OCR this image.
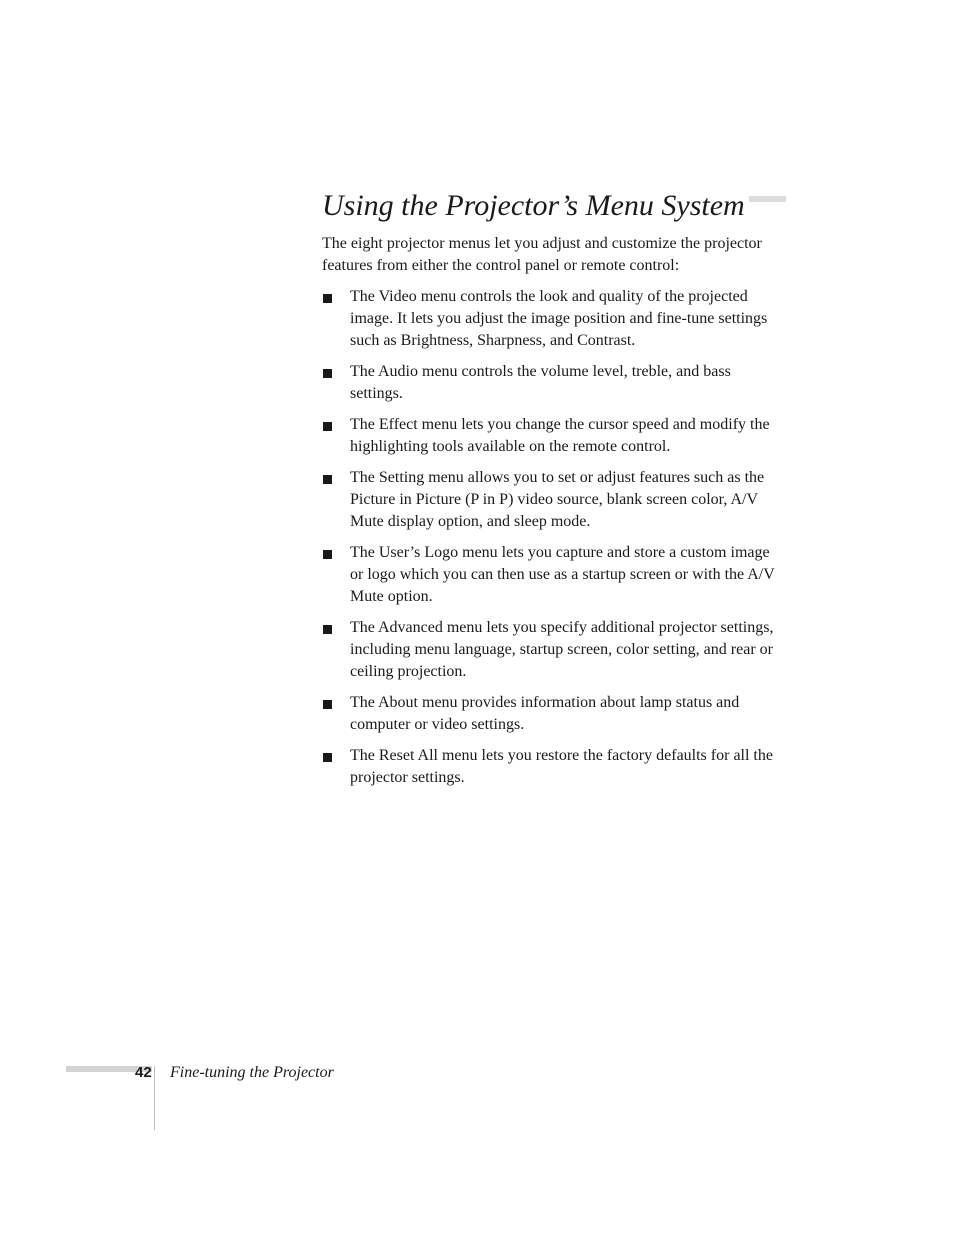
Using the Projector’s Menu System

The eight projector menus let you adjust and customize the projector features from either the control panel or remote control:

The Video menu controls the look and quality of the projected image. It lets you adjust the image position and fine-tune settings such as Brightness, Sharpness, and Contrast.
The Audio menu controls the volume level, treble, and bass settings.
The Effect menu lets you change the cursor speed and modify the highlighting tools available on the remote control.
The Setting menu allows you to set or adjust features such as the Picture in Picture (P in P) video source, blank screen color, A/V Mute display option, and sleep mode.
The User’s Logo menu lets you capture and store a custom image or logo which you can then use as a startup screen or with the A/V Mute option.
The Advanced menu lets you specify additional projector settings, including menu language, startup screen, color setting, and rear or ceiling projection.
The About menu provides information about lamp status and computer or video settings.
The Reset All menu lets you restore the factory defaults for all the projector settings.
42 Fine-tuning the Projector
